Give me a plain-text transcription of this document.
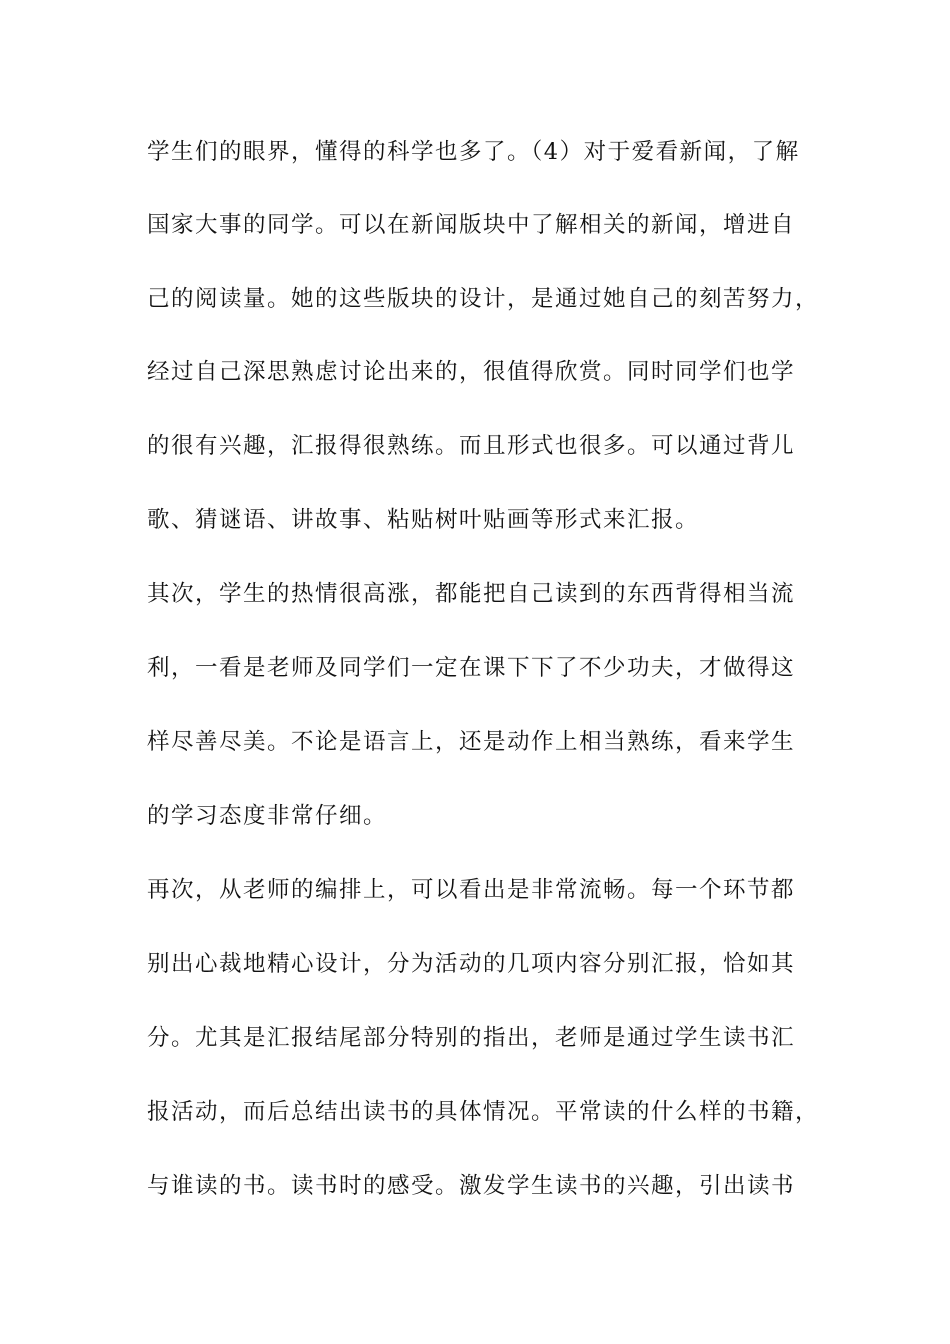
学生们的眼界，懂得的科学也多了。（4）对于爱看新闻，了解
国家大事的同学。可以在新闻版块中了解相关的新闻，增进自
己的阅读量。她的这些版块的设计，是通过她自己的刻苦努力，
经过自己深思熟虑讨论出来的，很值得欣赏。同时同学们也学
的很有兴趣，汇报得很熟练。而且形式也很多。可以通过背儿
歌、猜谜语、讲故事、粘贴树叶贴画等形式来汇报。
其次，学生的热情很高涨，都能把自己读到的东西背得相当流
利，一看是老师及同学们一定在课下下了不少功夫，才做得这
样尽善尽美。不论是语言上，还是动作上相当熟练，看来学生
的学习态度非常仔细。
再次，从老师的编排上，可以看出是非常流畅。每一个环节都
别出心裁地精心设计，分为活动的几项内容分别汇报，恰如其
分。尤其是汇报结尾部分特别的指出，老师是通过学生读书汇
报活动，而后总结出读书的具体情况。平常读的什么样的书籍，
与谁读的书。读书时的感受。激发学生读书的兴趣，引出读书
